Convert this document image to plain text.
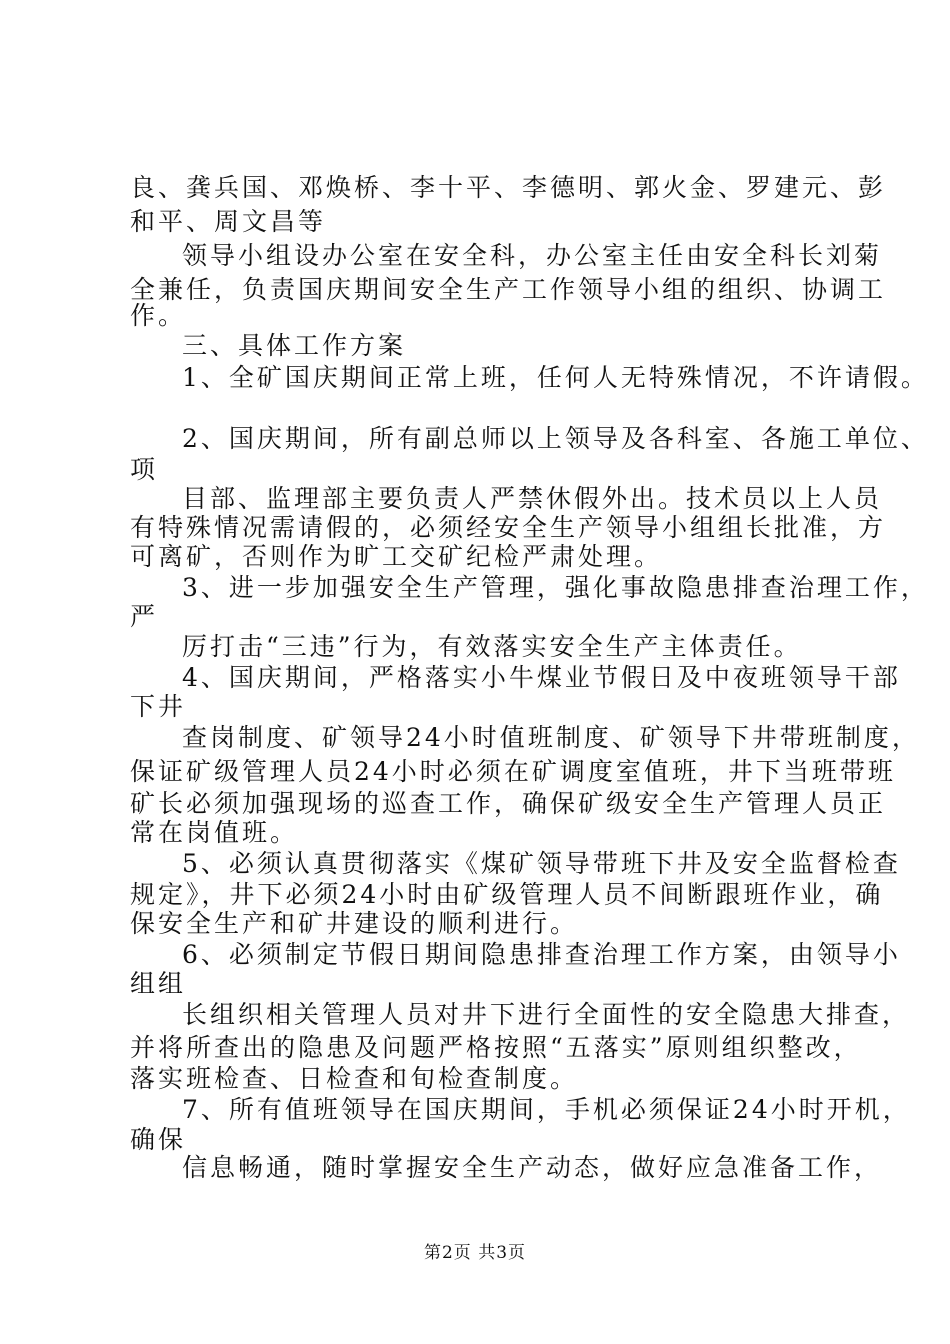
良、龚兵国、邓焕桥、李十平、李德明、郭火金、罗建元、彭
和平、周文昌等
领导小组设办公室在安全科，办公室主任由安全科长刘菊
全兼任，负责国庆期间安全生产工作领导小组的组织、协调工
作。
三、具体工作方案
1、全矿国庆期间正常上班，任何人无特殊情况，不许请假。
2、国庆期间，所有副总师以上领导及各科室、各施工单位、
项
目部、监理部主要负责人严禁休假外出。技术员以上人员
有特殊情况需请假的，必须经安全生产领导小组组长批准，方
可离矿，否则作为旷工交矿纪检严肃处理。
3、进一步加强安全生产管理，强化事故隐患排查治理工作，
严
厉打击“三违”行为，有效落实安全生产主体责任。
4、国庆期间，严格落实小牛煤业节假日及中夜班领导干部
下井
查岗制度、矿领导24小时值班制度、矿领导下井带班制度，
保证矿级管理人员24小时必须在矿调度室值班，井下当班带班
矿长必须加强现场的巡查工作，确保矿级安全生产管理人员正
常在岗值班。
5、必须认真贯彻落实《煤矿领导带班下井及安全监督检查
规定》，井下必须24小时由矿级管理人员不间断跟班作业，确
保安全生产和矿井建设的顺利进行。
6、必须制定节假日期间隐患排查治理工作方案，由领导小
组组
长组织相关管理人员对井下进行全面性的安全隐患大排查，
并将所查出的隐患及问题严格按照“五落实”原则组织整改，
落实班检查、日检查和旬检查制度。
7、所有值班领导在国庆期间，手机必须保证24小时开机，
确保
信息畅通，随时掌握安全生产动态，做好应急准备工作，
第2页 共3页
